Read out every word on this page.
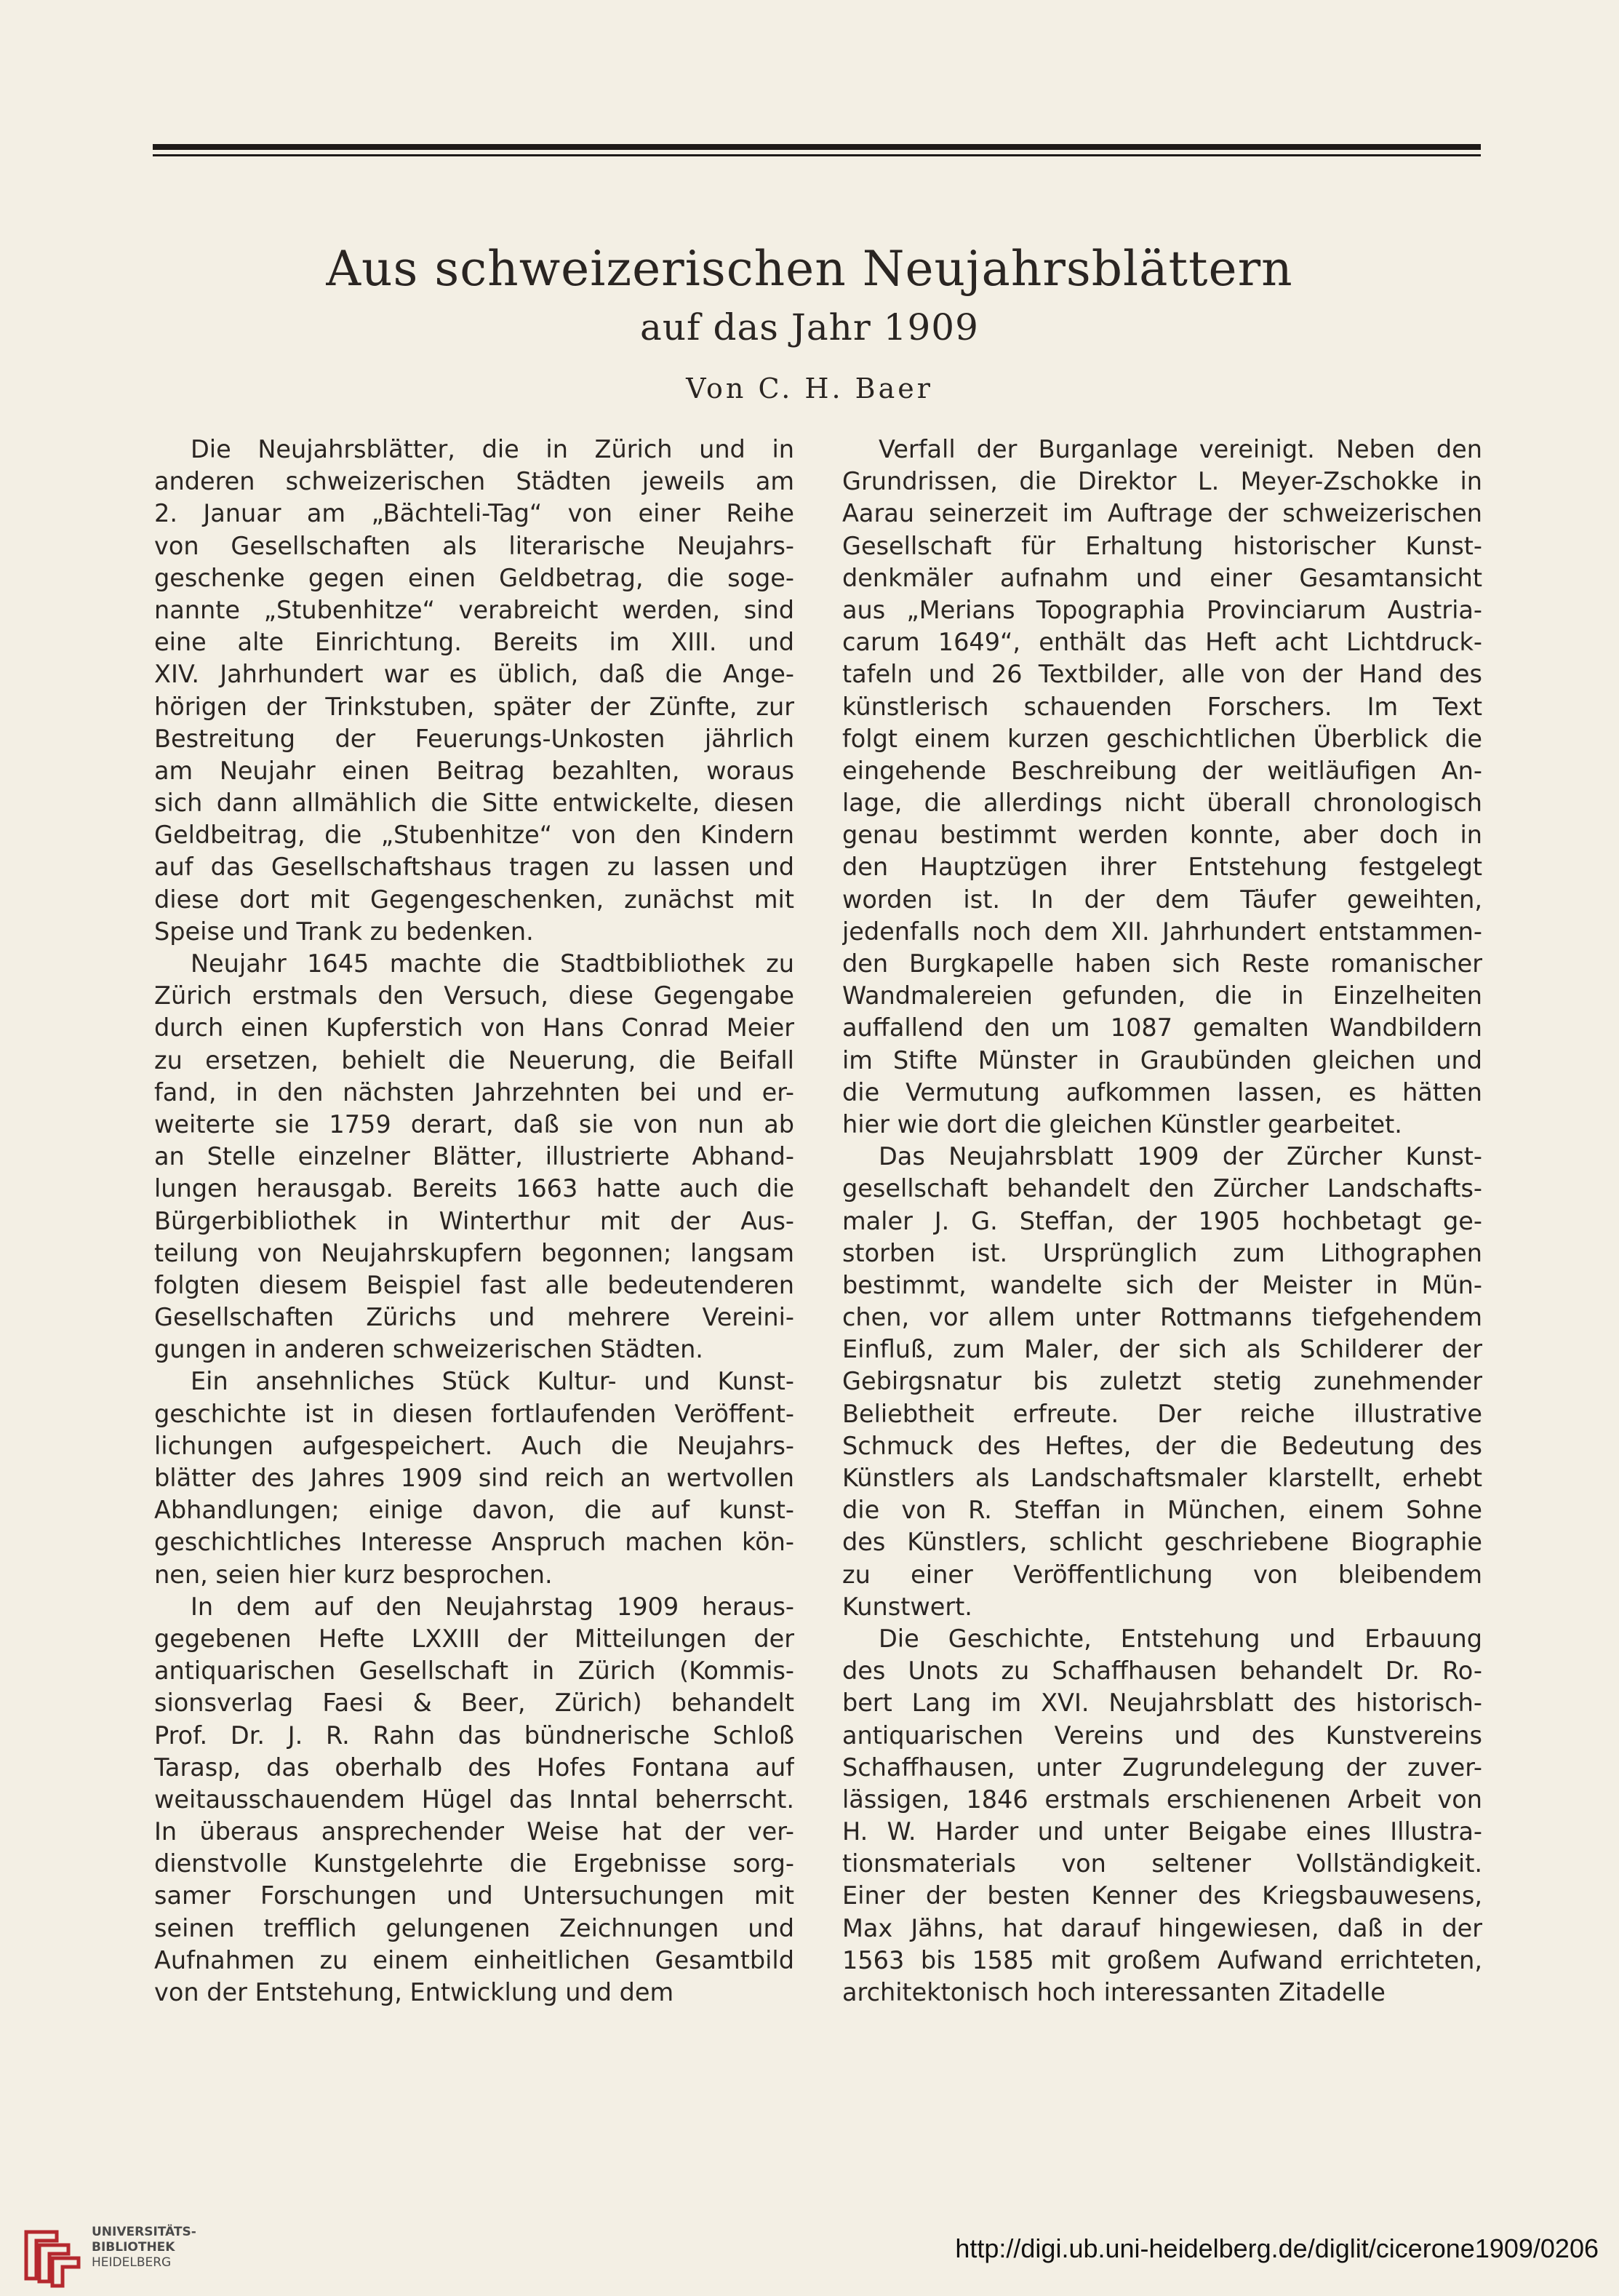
Aus schweizerischen Neujahrsblättern
auf das Jahr 1909
Von C. H. Baer
Die Neujahrsblätter, die in Zürich und in
anderen schweizerischen Städten jeweils am
2. Januar am „Bächteli-Tag“ von einer Reihe
von Gesellschaften als literarische Neujahrs-
geschenke gegen einen Geldbetrag, die soge-
nannte „Stubenhitze“ verabreicht werden, sind
eine alte Einrichtung. Bereits im XIII. und
XIV. Jahrhundert war es üblich, daß die Ange-
hörigen der Trinkstuben, später der Zünfte, zur
Bestreitung der Feuerungs-Unkosten jährlich
am Neujahr einen Beitrag bezahlten, woraus
sich dann allmählich die Sitte entwickelte, diesen
Geldbeitrag, die „Stubenhitze“ von den Kindern
auf das Gesellschaftshaus tragen zu lassen und
diese dort mit Gegengeschenken, zunächst mit
Speise und Trank zu bedenken.
Neujahr 1645 machte die Stadtbibliothek zu
Zürich erstmals den Versuch, diese Gegengabe
durch einen Kupferstich von Hans Conrad Meier
zu ersetzen, behielt die Neuerung, die Beifall
fand, in den nächsten Jahrzehnten bei und er-
weiterte sie 1759 derart, daß sie von nun ab
an Stelle einzelner Blätter, illustrierte Abhand-
lungen herausgab. Bereits 1663 hatte auch die
Bürgerbibliothek in Winterthur mit der Aus-
teilung von Neujahrskupfern begonnen; langsam
folgten diesem Beispiel fast alle bedeutenderen
Gesellschaften Zürichs und mehrere Vereini-
gungen in anderen schweizerischen Städten.
Ein ansehnliches Stück Kultur- und Kunst-
geschichte ist in diesen fortlaufenden Veröffent-
lichungen aufgespeichert. Auch die Neujahrs-
blätter des Jahres 1909 sind reich an wertvollen
Abhandlungen; einige davon, die auf kunst-
geschichtliches Interesse Anspruch machen kön-
nen, seien hier kurz besprochen.
In dem auf den Neujahrstag 1909 heraus-
gegebenen Hefte LXXIII der Mitteilungen der
antiquarischen Gesellschaft in Zürich (Kommis-
sionsverlag Faesi & Beer, Zürich) behandelt
Prof. Dr. J. R. Rahn das bündnerische Schloß
Tarasp, das oberhalb des Hofes Fontana auf
weitausschauendem Hügel das Inntal beherrscht.
In überaus ansprechender Weise hat der ver-
dienstvolle Kunstgelehrte die Ergebnisse sorg-
samer Forschungen und Untersuchungen mit
seinen trefflich gelungenen Zeichnungen und
Aufnahmen zu einem einheitlichen Gesamtbild
von der Entstehung, Entwicklung und dem
Verfall der Burganlage vereinigt. Neben den
Grundrissen, die Direktor L. Meyer-Zschokke in
Aarau seinerzeit im Auftrage der schweizerischen
Gesellschaft für Erhaltung historischer Kunst-
denkmäler aufnahm und einer Gesamtansicht
aus „Merians Topographia Provinciarum Austria-
carum 1649“, enthält das Heft acht Lichtdruck-
tafeln und 26 Textbilder, alle von der Hand des
künstlerisch schauenden Forschers. Im Text
folgt einem kurzen geschichtlichen Überblick die
eingehende Beschreibung der weitläufigen An-
lage, die allerdings nicht überall chronologisch
genau bestimmt werden konnte, aber doch in
den Hauptzügen ihrer Entstehung festgelegt
worden ist. In der dem Täufer geweihten,
jedenfalls noch dem XII. Jahrhundert entstammen-
den Burgkapelle haben sich Reste romanischer
Wandmalereien gefunden, die in Einzelheiten
auffallend den um 1087 gemalten Wandbildern
im Stifte Münster in Graubünden gleichen und
die Vermutung aufkommen lassen, es hätten
hier wie dort die gleichen Künstler gearbeitet.
Das Neujahrsblatt 1909 der Zürcher Kunst-
gesellschaft behandelt den Zürcher Landschafts-
maler J. G. Steffan, der 1905 hochbetagt ge-
storben ist. Ursprünglich zum Lithographen
bestimmt, wandelte sich der Meister in Mün-
chen, vor allem unter Rottmanns tiefgehendem
Einfluß, zum Maler, der sich als Schilderer der
Gebirgsnatur bis zuletzt stetig zunehmender
Beliebtheit erfreute. Der reiche illustrative
Schmuck des Heftes, der die Bedeutung des
Künstlers als Landschaftsmaler klarstellt, erhebt
die von R. Steffan in München, einem Sohne
des Künstlers, schlicht geschriebene Biographie
zu einer Veröffentlichung von bleibendem
Kunstwert.
Die Geschichte, Entstehung und Erbauung
des Unots zu Schaffhausen behandelt Dr. Ro-
bert Lang im XVI. Neujahrsblatt des historisch-
antiquarischen Vereins und des Kunstvereins
Schaffhausen, unter Zugrundelegung der zuver-
lässigen, 1846 erstmals erschienenen Arbeit von
H. W. Harder und unter Beigabe eines Illustra-
tionsmaterials von seltener Vollständigkeit.
Einer der besten Kenner des Kriegsbauwesens,
Max Jähns, hat darauf hingewiesen, daß in der
1563 bis 1585 mit großem Aufwand errichteten,
architektonisch hoch interessanten Zitadelle
UNIVERSITÄTS-
BIBLIOTHEK
HEIDELBERG	http://digi.ub.uni-heidelberg.de/diglit/cicerone1909/0206
